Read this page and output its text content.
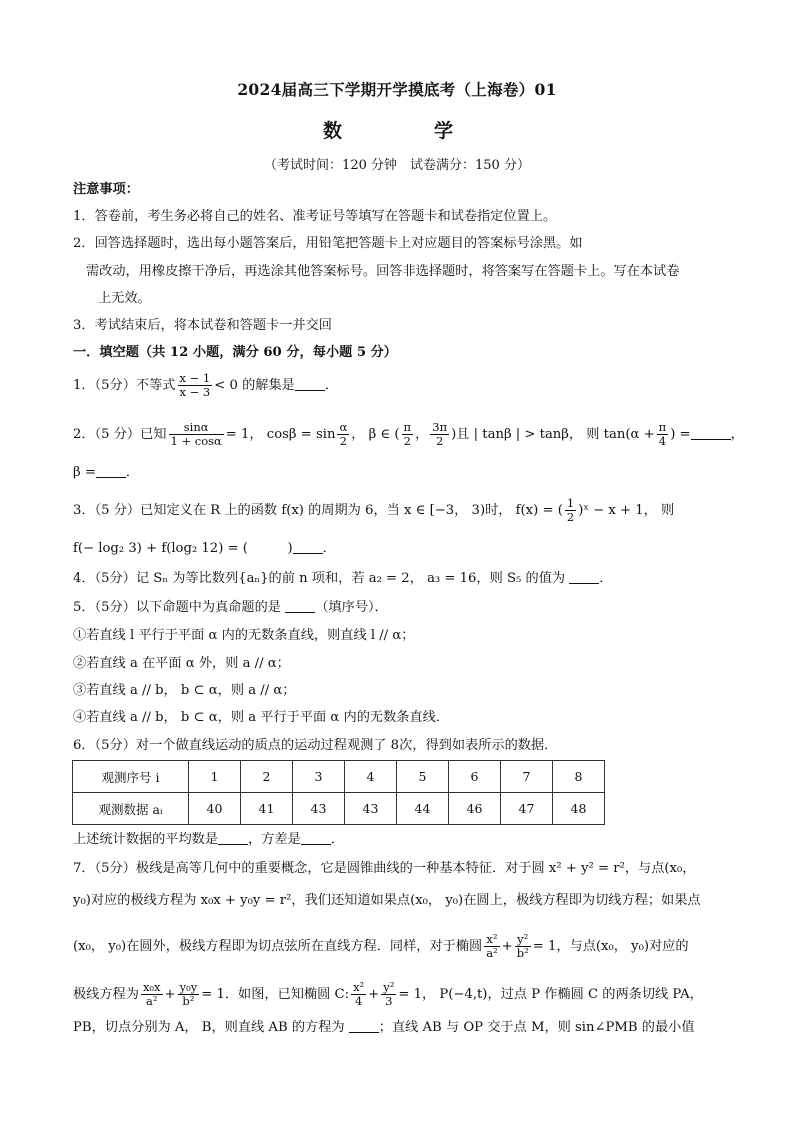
2024届高三下学期开学摸底考（上海卷）01
数　　学
（考试时间：120 分钟　试卷满分：150 分）
注意事项：
1．答卷前，考生务必将自己的姓名、准考证号等填写在答题卡和试卷指定位置上。
2．回答选择题时，选出每小题答案后，用铅笔把答题卡上对应题目的答案标号涂黑。如
需改动，用橡皮擦干净后，再选涂其他答案标号。回答非选择题时，将答案写在答题卡上。写在本试卷
上无效。
3．考试结束后，将本试卷和答题卡一并交回
一．填空题（共 12 小题，满分 60 分，每小题 5 分）
1．（5分）不等式 $\frac{x - 1}{x - 3} < 0$ 的解集是 ．
2．（5 分）已知 $\frac{\sin\alpha}{1 + \cos\alpha} = 1$， $\cos\beta = \sin \frac{\alpha}{2}$ ， β ∈ ( $\frac{\pi}{2}$ ， $\frac{3\pi}{2}$ )且 | tanβ | > tanβ， 则 $\tan(\alpha + \frac{\pi}{4}$ ) =	，
β = ．
3．（5 分）已知定义在 R 上的函数 f(x) 的周期为 6，当 x ∈ [−3， 3)时， f(x) = ( $\frac{1}{2}$ )ˣ − x + 1， 则
f(− log₂ 3) + f(log₂ 12) = (　　　) ．
4．（5分）记 Sₙ 为等比数列{aₙ}的前 n 项和，若 a₂ = 2， a₃ = 16，则 S₅ 的值为	．
5．（5分）以下命题中为真命题的是	（填序号）．
①若直线 l 平行于平面 α 内的无数条直线，则直线 l // α；
②若直线 a 在平面 α 外，则 a // α；
③若直线 a // b， b ⊂ α，则 a // α；
④若直线 a // b， b ⊂ α，则 a 平行于平面 α 内的无数条直线．
6．（5分）对一个做直线运动的质点的运动过程观测了 8次，得到如表所示的数据．
观测序号 i	1	2	3	4	5	6	7	8
观测数据 aᵢ	40	41	43	43	44	46	47	48
上述统计数据的平均数是 ，方差是 ．
7．（5分）极线是高等几何中的重要概念，它是圆锥曲线的一种基本特征．对于圆 x² + y² = r²，与点(x₀，
y₀)对应的极线方程为 x₀x + y₀y = r²，我们还知道如果点(x₀， y₀)在圆上，极线方程即为切线方程；如果点
(x₀， y₀)在圆外，极线方程即为切点弦所在直线方程．同样，对于椭圆 $\frac{\text{x²}}{\text{a²}} + \frac{\text{y²}}{\text{b²}} = 1$，与点(x₀， y₀)对应的
极线方程为 $\frac{\text{x₀x}}{\text{a²}} + \frac{\text{y₀y}}{\text{b²}} = 1$．如图，已知椭圆 C: $\frac{\text{x²}}{4} + \frac{\text{y²}}{3} = 1$， P(−4,t)，过点 P 作椭圆 C 的两条切线 PA，
PB，切点分别为 A， B，则直线 AB 的方程为	；直线 AB 与 OP 交于点 M，则 sin∠PMB 的最小值
